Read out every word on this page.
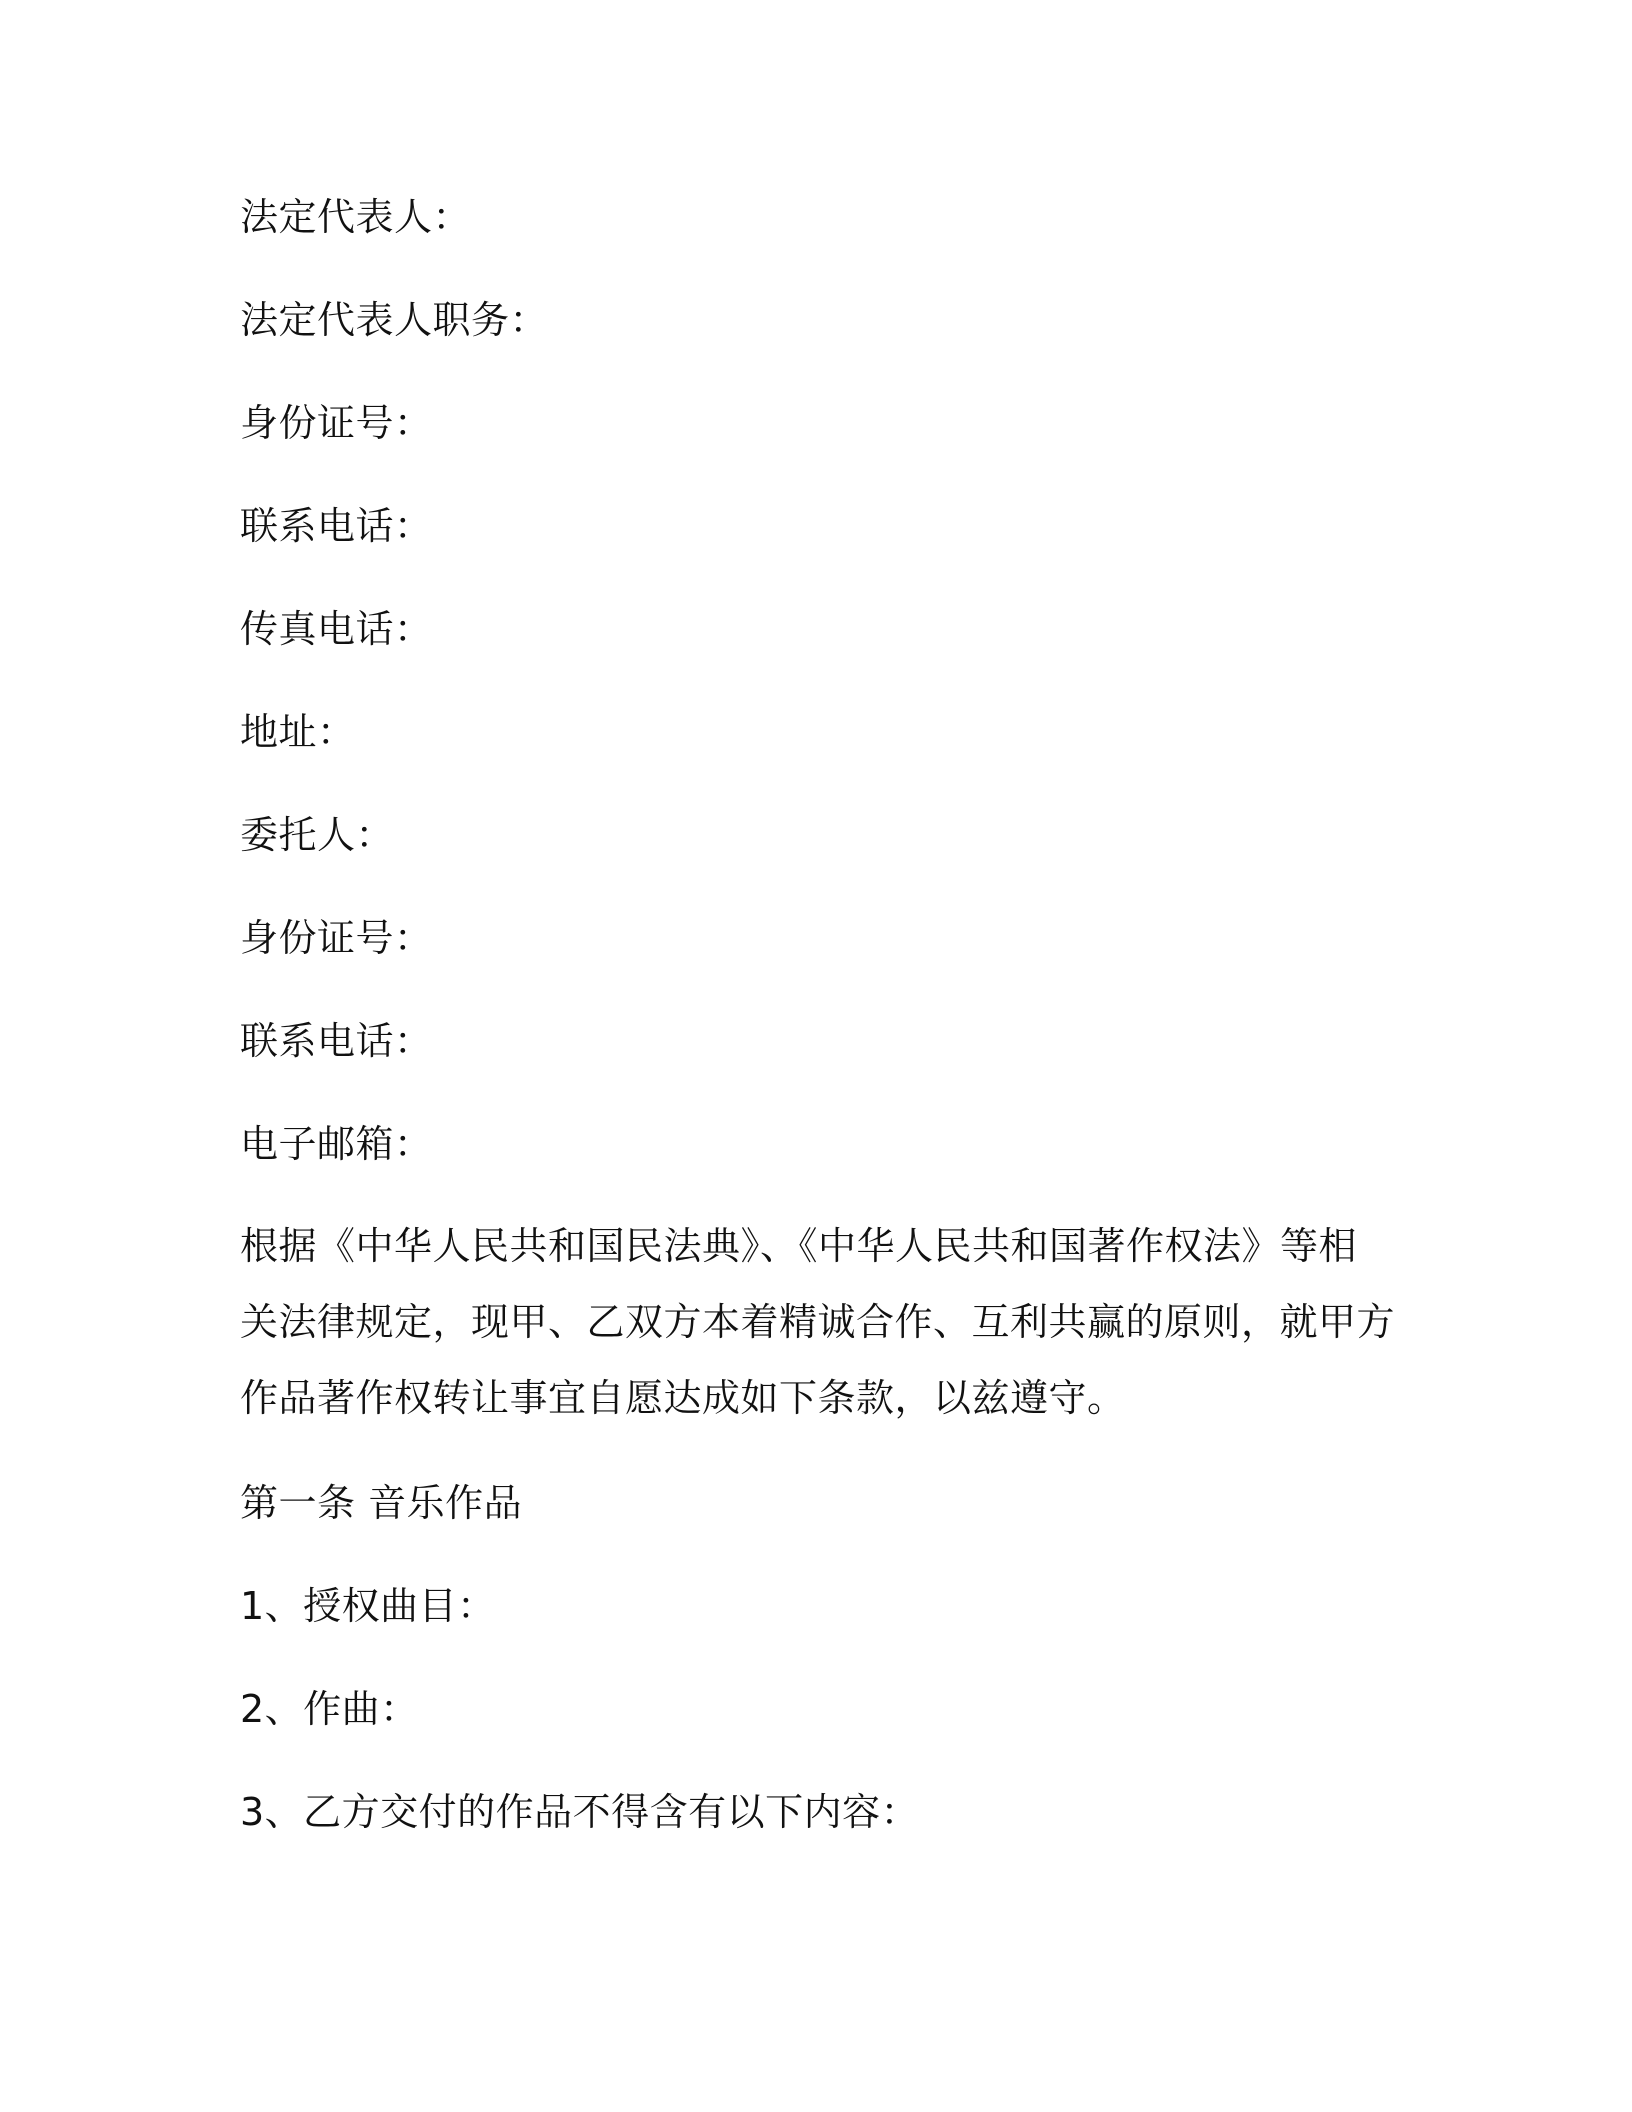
法定代表人：

法定代表人职务：

身份证号：

联系电话：

传真电话：

地址：

委托人：

身份证号：

联系电话：

电子邮箱：

根据《中华人民共和国民法典》、《中华人民共和国著作权法》等相
关法律规定，现甲、乙双方本着精诚合作、互利共赢的原则，就甲方
作品著作权转让事宜自愿达成如下条款，以兹遵守。

第一条 音乐作品

1、授权曲目：

2、作曲：

3、乙方交付的作品不得含有以下内容：
